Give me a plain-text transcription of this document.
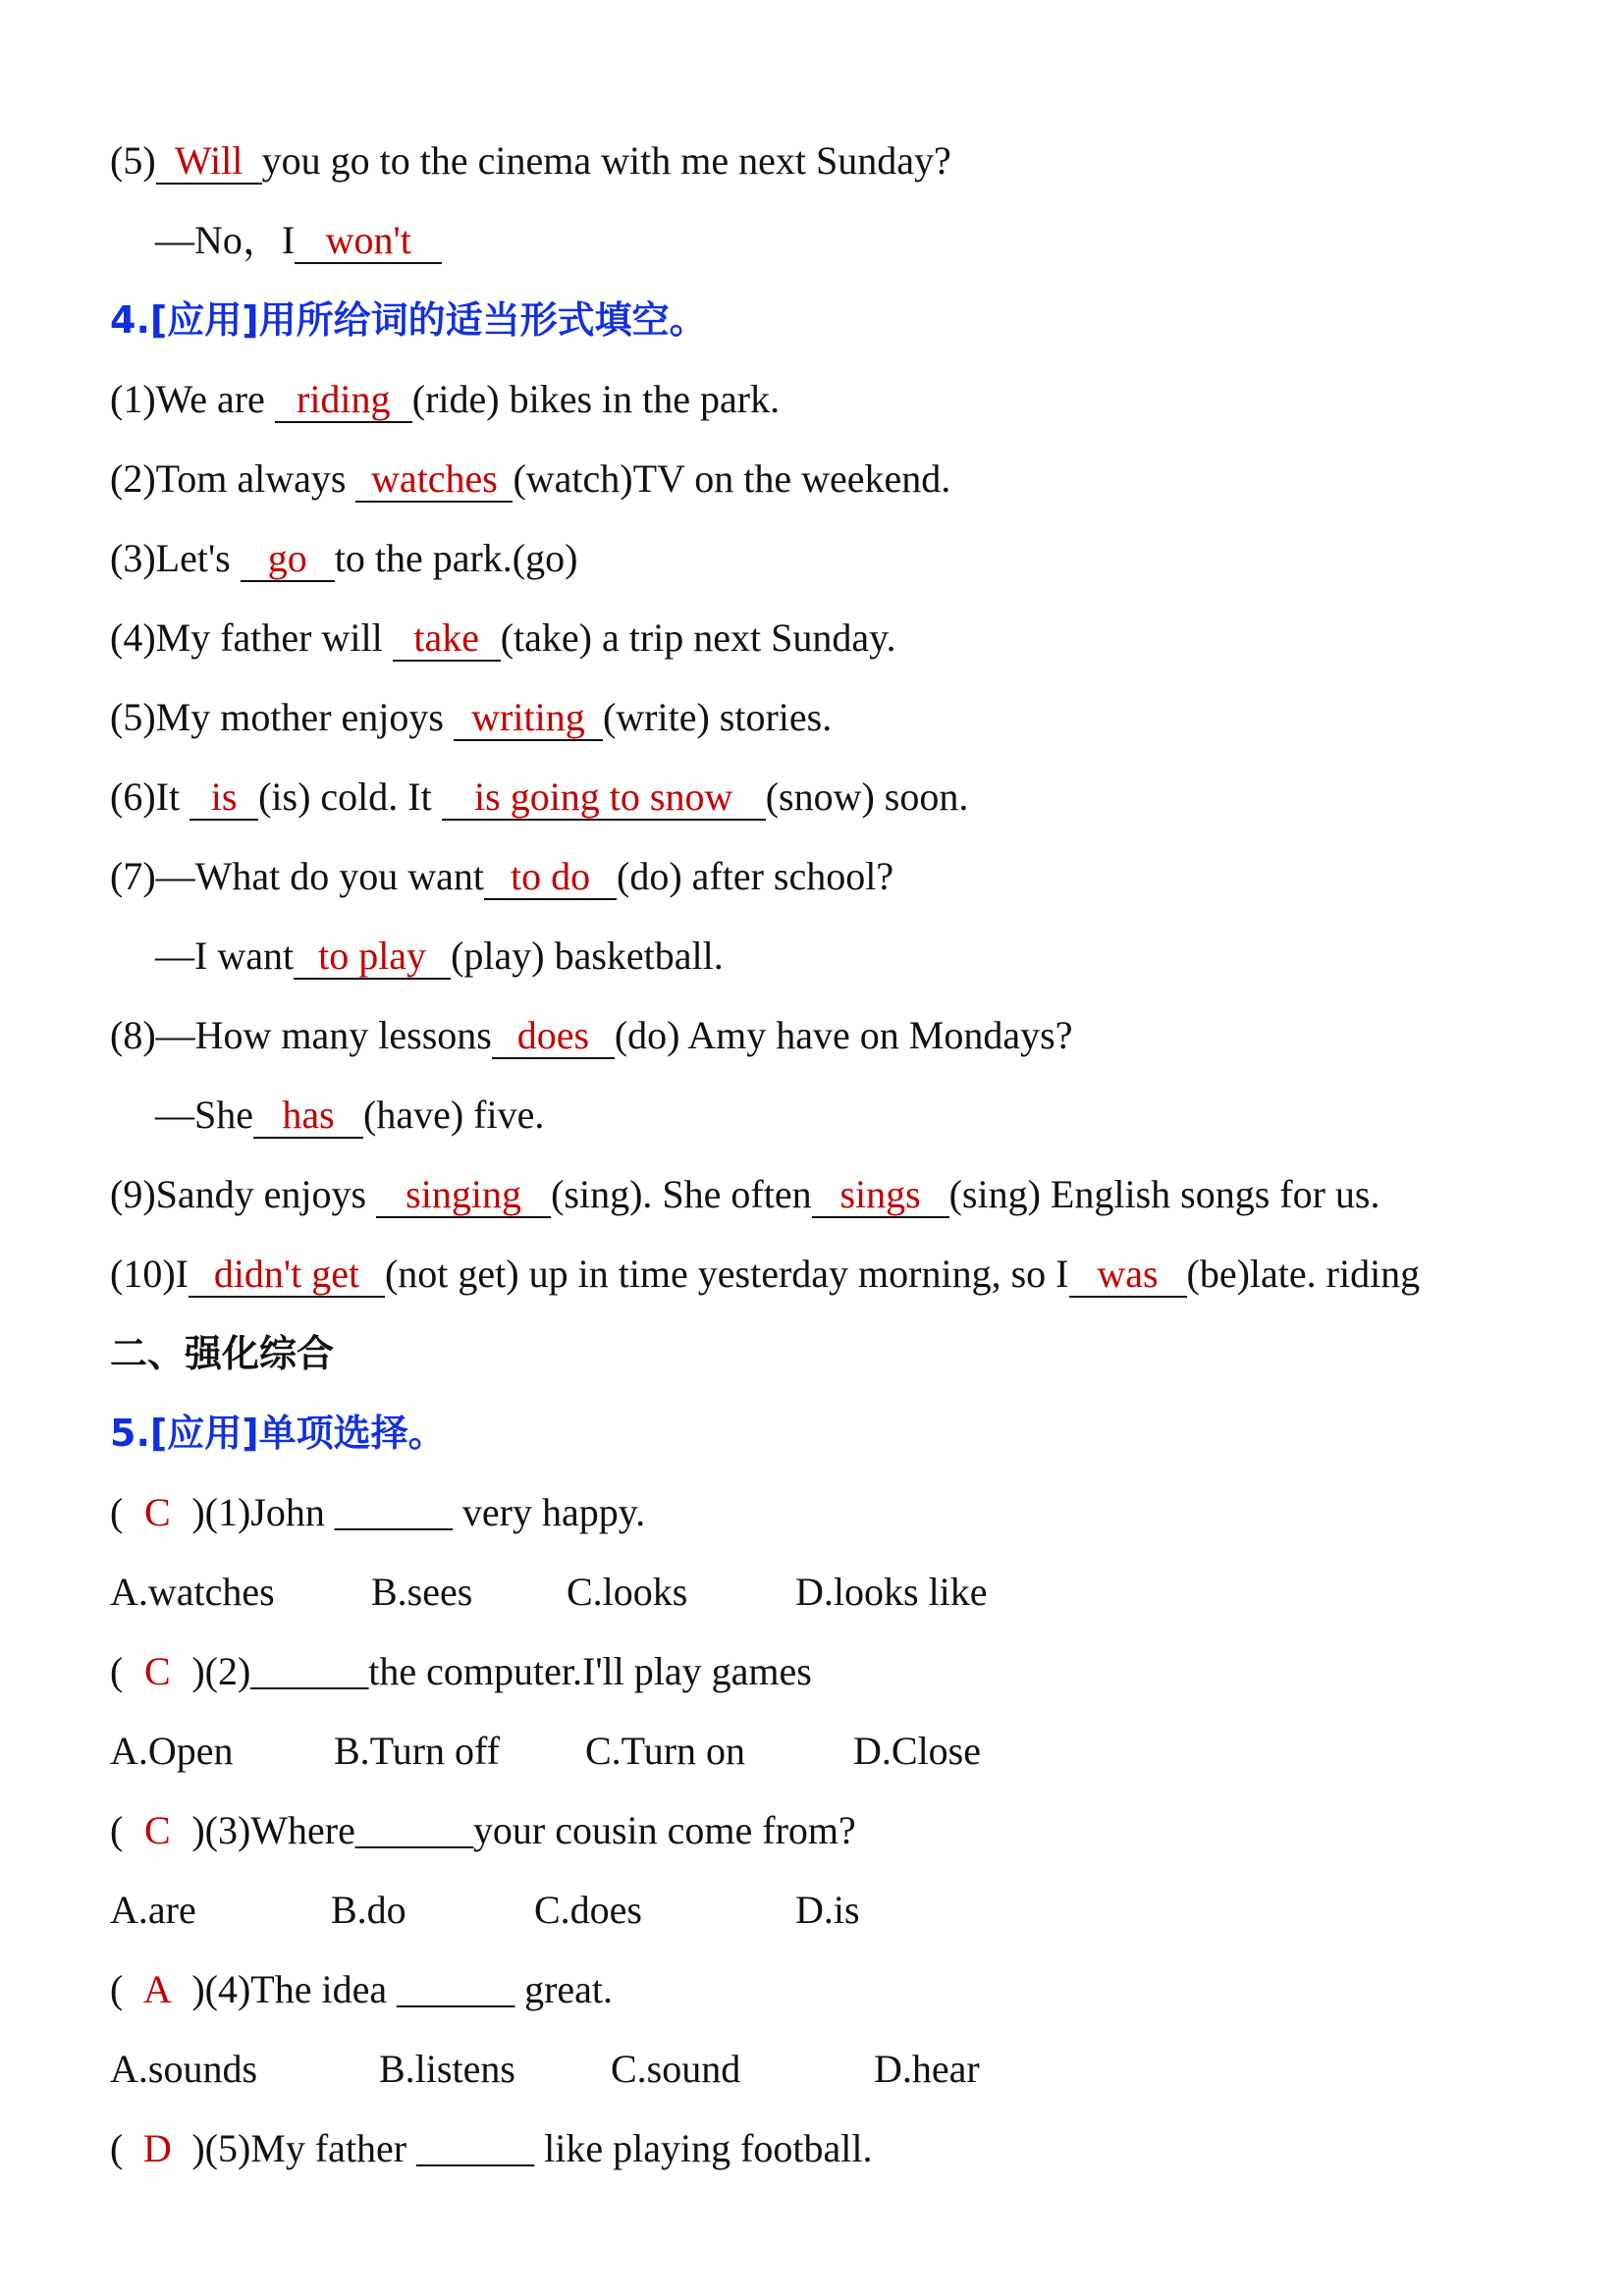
(5) Will you go to the cinema with me next Sunday?
—No，I won't
4.[应用]用所给词的适当形式填空。
(1)We are riding (ride) bikes in the park.
(2)Tom always watches (watch)TV on the weekend.
(3)Let's go to the park.(go)
(4)My father will take (take) a trip next Sunday.
(5)My mother enjoys writing (write) stories.
(6)It is (is) cold. It is going to snow (snow) soon.
(7)—What do you want to do (do) after school?
—I want to play (play) basketball.
(8)—How many lessons does (do) Amy have on Mondays?
—She has (have) five.
(9)Sandy enjoys singing (sing). She often sings (sing) English songs for us.
(10)I didn't get (not get) up in time yesterday morning, so I was (be)late. riding
二、强化综合
5.[应用]单项选择。
( C )(1)John ______ very happy.
A.watches B.sees C.looks	D.looks like
( C )(2)______the computer.I'll play games
A.Open	B.Turn off C.Turn on	D.Close
( C )(3)Where______your cousin come from?
A.are	B.do	C.does	D.is
( A )(4)The idea ______ great.
A.sounds	B.listens C.sound	D.hear
( D )(5)My father ______ like playing football.
